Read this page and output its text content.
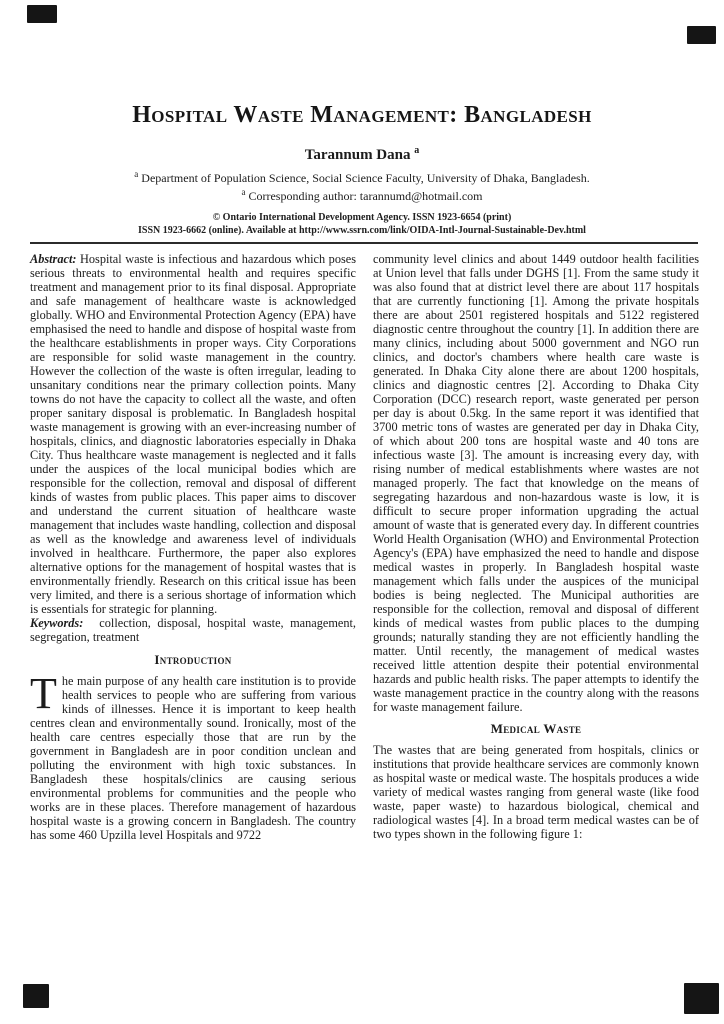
Hospital Waste Management: Bangladesh
Tarannum Dana $^a$
$^a$ Department of Population Science, Social Science Faculty, University of Dhaka, Bangladesh.
$^a$ Corresponding author: tarannumd@hotmail.com
© Ontario International Development Agency. ISSN 1923-6654 (print)
ISSN 1923-6662 (online). Available at http://www.ssrn.com/link/OIDA-Intl-Journal-Sustainable-Dev.html

Abstract: Hospital waste is infectious and hazardous which poses serious threats to environmental health and requires specific treatment and management prior to its final disposal. Appropriate and safe management of healthcare waste is acknowledged globally. WHO and Environmental Protection Agency (EPA) have emphasised the need to handle and dispose of hospital waste from the healthcare establishments in proper ways. City Corporations are responsible for solid waste management in the country. However the collection of the waste is often irregular, leading to unsanitary conditions near the primary collection points. Many towns do not have the capacity to collect all the waste, and often proper sanitary disposal is problematic. In Bangladesh hospital waste management is growing with an ever-increasing number of hospitals, clinics, and diagnostic laboratories especially in Dhaka City. Thus healthcare waste management is neglected and it falls under the auspices of the local municipal bodies which are responsible for the collection, removal and disposal of different kinds of wastes from public places. This paper aims to discover and understand the current situation of healthcare waste management that includes waste handling, collection and disposal as well as the knowledge and awareness level of individuals involved in healthcare. Furthermore, the paper also explores alternative options for the management of hospital wastes that is environmentally friendly. Research on this critical issue has been very limited, and there is a serious shortage of information which is essentials for strategic for planning.

Keywords: collection, disposal, hospital waste, management, segregation, treatment

Introduction

The main purpose of any health care institution is to provide health services to people who are suffering from various kinds of illnesses. Hence it is important to keep health centres clean and environmentally sound. Ironically, most of the health care centres especially those that are run by the government in Bangladesh are in poor condition unclean and polluting the environment with high toxic substances. In Bangladesh these hospitals/clinics are causing serious environmental problems for communities and the people who works are in these places. Therefore management of hazardous hospital waste is a growing concern in Bangladesh. The country has some 460 Upzilla level Hospitals and 9722

community level clinics and about 1449 outdoor health facilities at Union level that falls under DGHS [1]. From the same study it was also found that at district level there are about 117 hospitals that are currently functioning [1]. Among the private hospitals there are about 2501 registered hospitals and 5122 registered diagnostic centre throughout the country [1]. In addition there are many clinics, including about 5000 government and NGO run clinics, and doctor's chambers where health care waste is generated. In Dhaka City alone there are about 1200 hospitals, clinics and diagnostic centres [2]. According to Dhaka City Corporation (DCC) research report, waste generated per person per day is about 0.5kg. In the same report it was identified that 3700 metric tons of wastes are generated per day in Dhaka City, of which about 200 tons are hospital waste and 40 tons are infectious waste [3]. The amount is increasing every day, with rising number of medical establishments where wastes are not managed properly. The fact that knowledge on the means of segregating hazardous and non-hazardous waste is low, it is difficult to secure proper information upgrading the actual amount of waste that is generated every day. In different countries World Health Organisation (WHO) and Environmental Protection Agency's (EPA) have emphasized the need to handle and dispose medical wastes in properly. In Bangladesh hospital waste management which falls under the auspices of the municipal bodies is being neglected. The Municipal authorities are responsible for the collection, removal and disposal of different kinds of medical wastes from public places to the dumping grounds; naturally standing they are not efficiently handling the matter. Until recently, the management of medical wastes received little attention despite their potential environmental hazards and public health risks. The paper attempts to identify the waste management practice in the country along with the reasons for waste management failure.

Medical Waste

The wastes that are being generated from hospitals, clinics or institutions that provide healthcare services are commonly known as hospital waste or medical waste. The hospitals produces a wide variety of medical wastes ranging from general waste (like food waste, paper waste) to hazardous biological, chemical and radiological wastes [4]. In a broad term medical wastes can be of two types shown in the following figure 1:
